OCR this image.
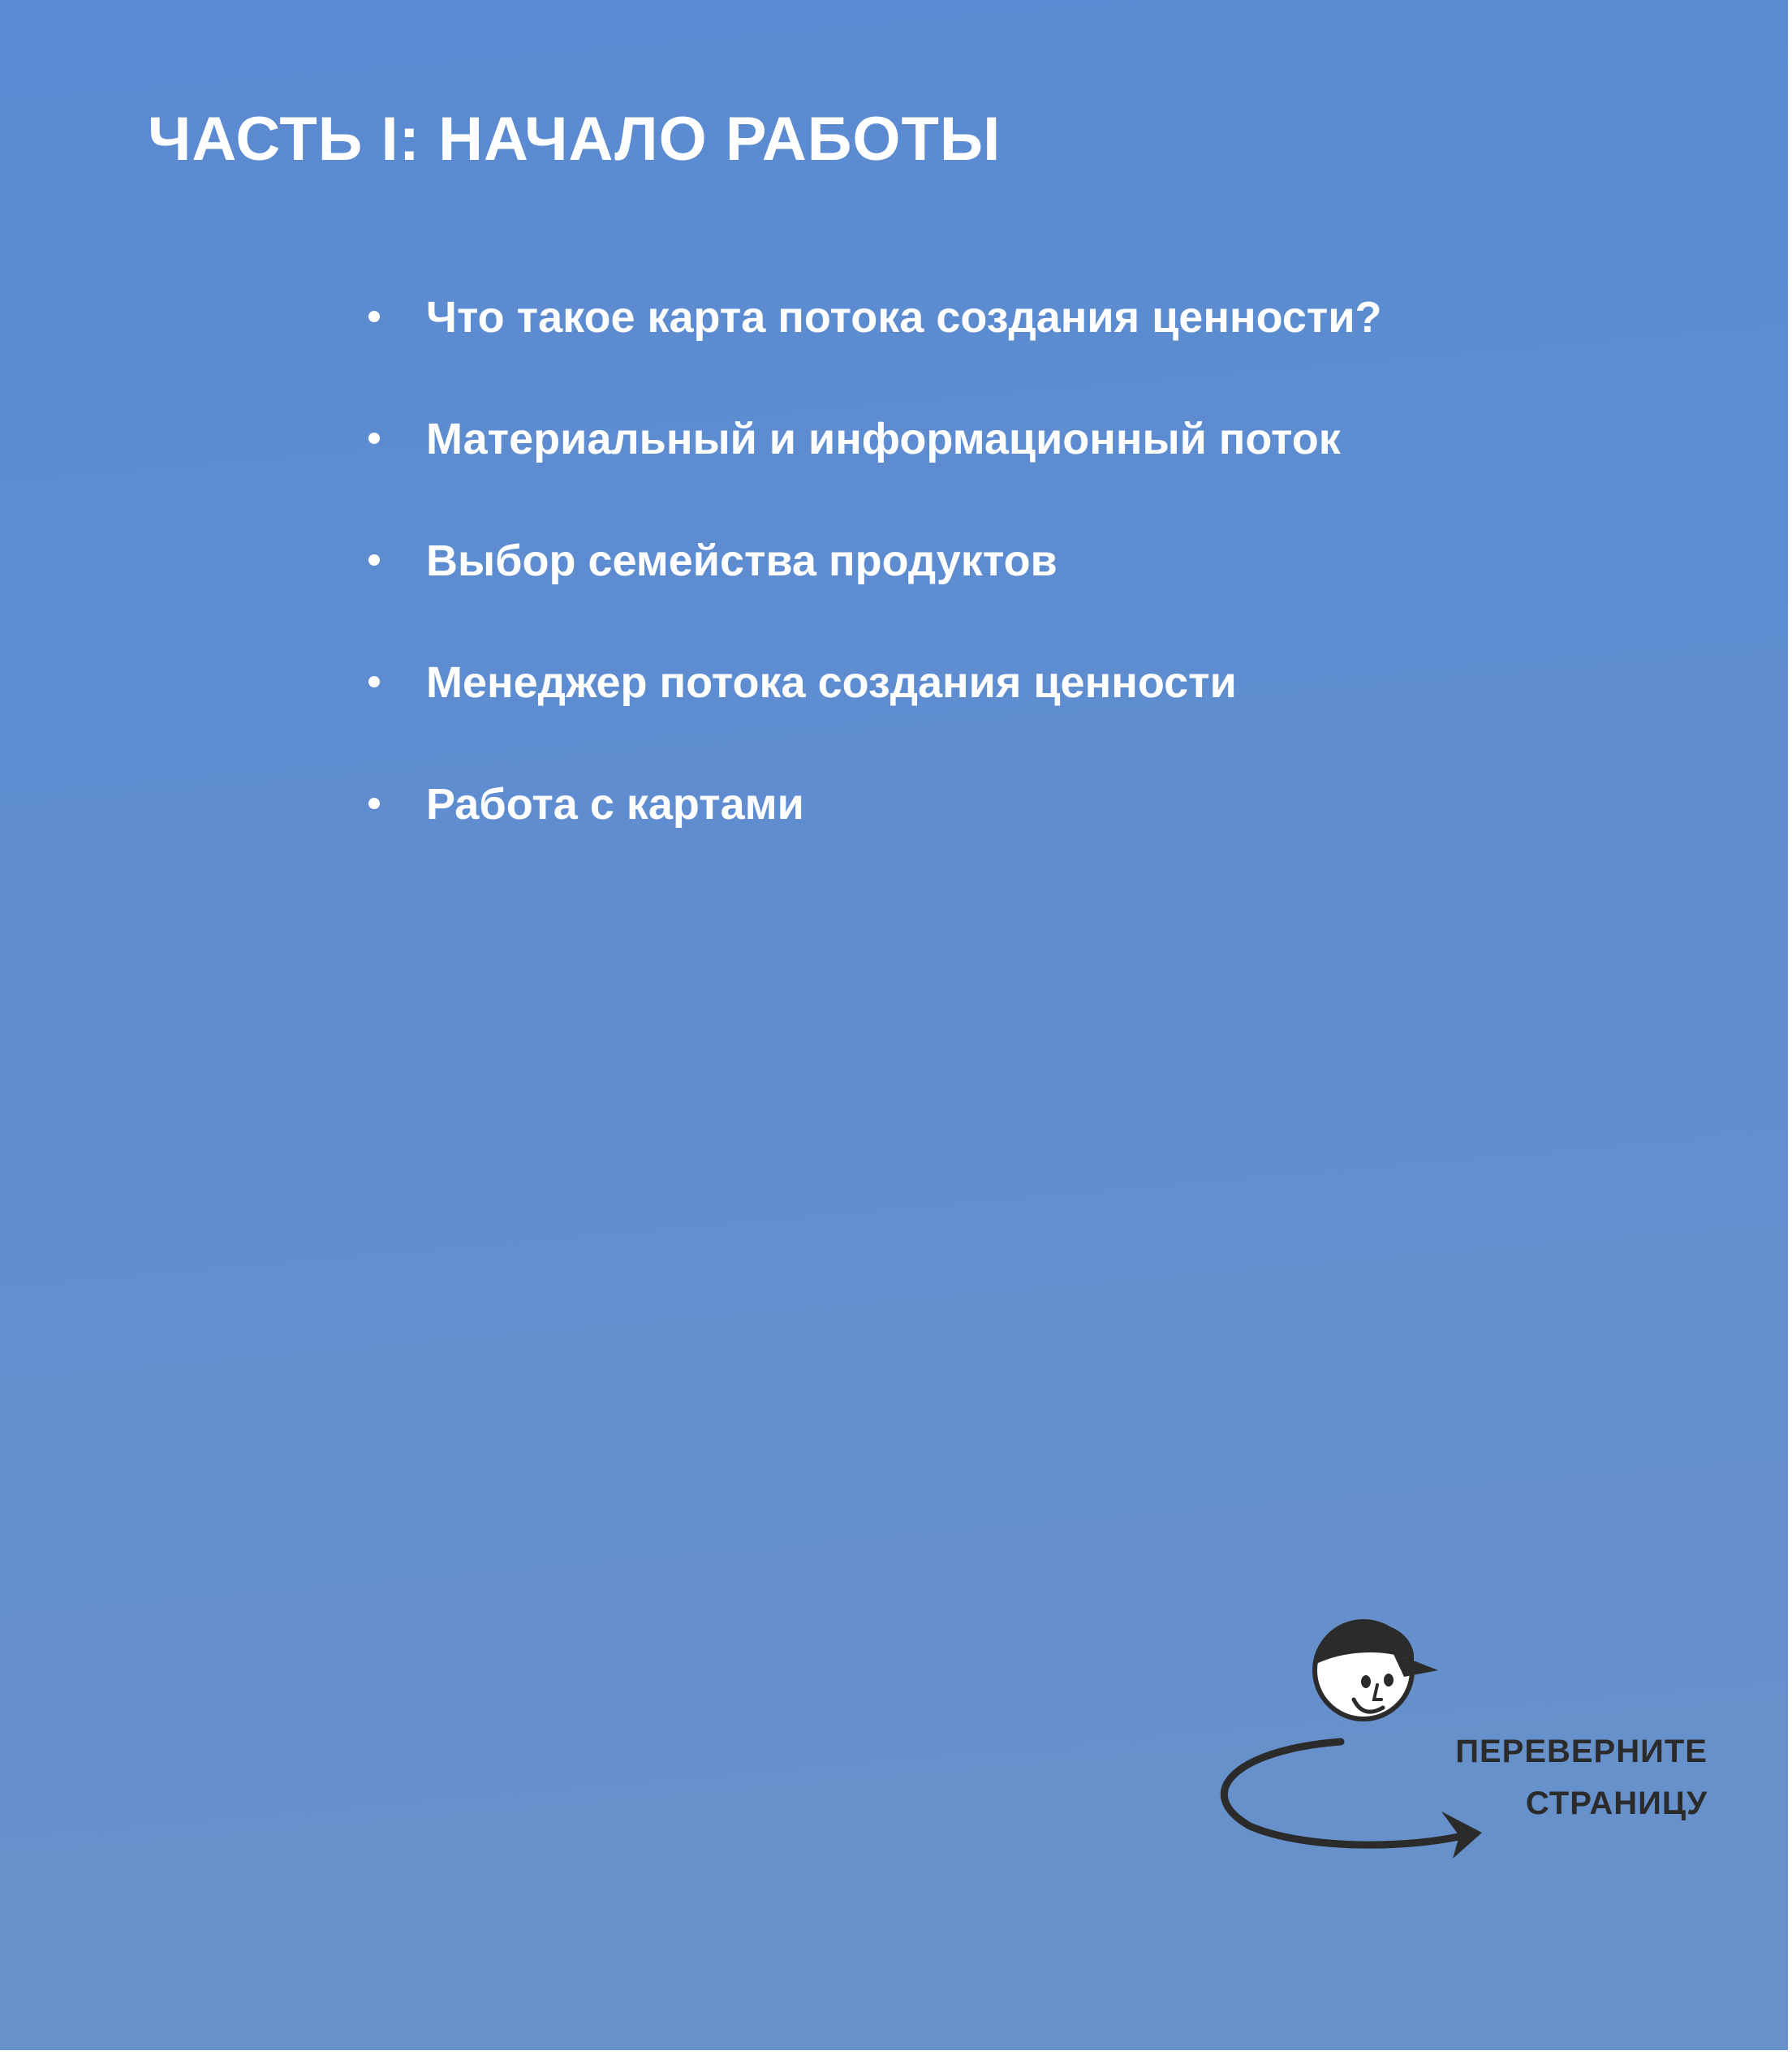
ЧАСТЬ I: НАЧАЛО РАБОТЫ
Что такое карта потока создания ценности?
Материальный и информационный поток
Выбор семейства продуктов
Менеджер потока создания ценности
Работа с картами
ПЕРЕВЕРНИТЕ
СТРАНИЦУ
